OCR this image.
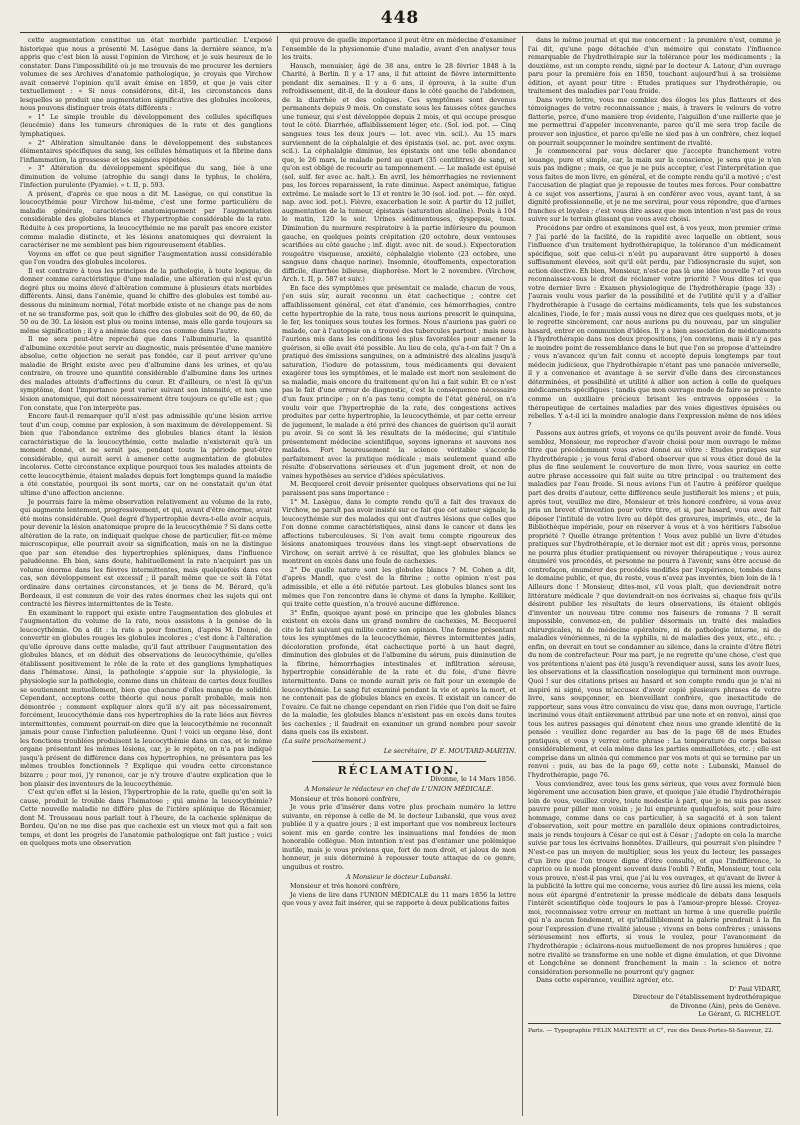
448

cette augmentation constitue un état morbide particulier. L'exposé historique que nous a présenté M. Lasègue dans la dernière séance, m'a appris que c'est bien là aussi l'opinion de Virchow, et je suis heureux de le constater. Dans l'impossibilité où je me trouvais de me procurer les derniers volumes de ses Archives d'anatomie pathologique, je croyais que Virchow avait conservé l'opinion qu'il avait émise en 1859, et que je vais citer textuellement : « Si nous considérons, dit-il, les circonstances dans lesquelles se produit une augmentation significative des globules incolores, nous pouvons distinguer trois états différents :

» 1° Le simple trouble du développement des cellules spécifiques (leucémie) dans les tumeurs chroniques de la rate et des ganglions lymphatiques.

» 2° Altération simultanée dans le développement des substances élémentaires spécifiques du sang, les cellules hématiques et la fibrine dans l'inflammation, la grossesse et les saignées répétées.

» 3° Altération du développement spécifique du sang, liée à une diminution de volume (atrophie du sang) dans le typhus, le choléra, l'infection purulente (Pyamie). » t. II, p. 593.

A présent, d'après ce que nous a dit M. Lasègue, ce qui constitue la leucocythémie pour Virchow lui-même, c'est une forme particulière de maladie générale, caractérisée anatomiquement par l'augmentation considérable des globules blancs et l'hypertrophie considérable de la rate. Réduite à ces proportions, la leucocythémie ne me paraît pas encore exister comme maladie distincte, et les lésions anatomiques qui devraient la caractériser ne me semblent pas bien rigoureusement établies.

Voyons en effet ce que peut signifier l'augmentation aussi considérable que l'on voudra des globules incolores.

Il est contraire à tous les principes de la pathologie, à toute logique, de donner comme caractéristique d'une maladie, une altération qui n'est qu'un degré plus ou moins élevé d'altération commune à plusieurs états morbides différents. Ainsi, dans l'anémie, quand le chiffre des globules est tombé au-dessous du minimum normal, l'état morbide existe et ne change pas de nom et ne se transforme pas, soit que le chiffre des globules soit de 90, de 60, de 50 ou de 30. La lésion est plus ou moins intense, mais elle garde toujours sa même signification ; il y a anémie dans ces cas comme dans l'autre.

Il me sera peut-être reproché que dans l'albuminurie, la quantité d'albumine excrétée peut servir au diagnostic, mais présentée d'une manière absolue, cette objection ne serait pas fondée, car il peut arriver qu'une maladie de Bright existe avec peu d'albumine dans les urines, et qu'au contraire, on trouve une quantité considérable d'albumine dans les urines des malades atteints d'affections du cœur. Et d'ailleurs, ce n'est là qu'un symptôme, dont l'importance peut varier suivant son intensité, et non une lésion anatomique, qui doit nécessairement être toujours ce qu'elle est ; que l'on constate, que l'on interprète pas.

Encore faut-il remarquer qu'il n'est pas admissible qu'une lésion arrive tout d'un coup, comme par explosion, à son maximum de développement. Si bien que l'abondance extrême des globules blancs étant la lésion caractéristique de la leucocythémie, cette maladie n'existerait qu'à un moment donné, et ne serait pas, pendant toute la période peut-être considérable, qui aurait servi à amener cette augmentation de globules incolores. Cette circonstance explique pourquoi tous les malades atteints de cette leucocythémie, étaient malades depuis fort longtemps quand la maladie a été constatée, pourquoi ils sont morts, car on ne constatait qu'un état ultime d'une affection ancienne.

Je pourrais faire la même observation relativement au volume de la rate, qui augmente lentement, progressivement, et qui, avant d'être énorme, avait été moins considérable. Quel degré d'hypertrophie devra-t-elle avoir acquis, pour devenir la lésion anatomique propre de la leucocythémie ? Si dans cette altération de la rate, on indiquait quelque chose de particulier, fût-ce même microscopique, elle pourrait avoir sa signification, mais on ne la distingue que par son étendue des hypertrophies spléniques, dans l'influence paludéenne. Eh bien, sans doute, habituellement la rate n'acquiert pas un volume énorme dans les fièvres intermittentes, mais quelquefois dans ces cas, son développement est excessif ; il paraît même que ce soit là l'état ordinaire dans certaines circonstances, et je tiens de M. Bérard, qu'à Bordeaux, il est commun de voir des rates énormes chez les sujets qui ont contracté les fièvres intermittentes de la Teste.

En examinant le rapport qui existe entre l'augmentation des globules et l'augmentation du volume de la rate, nous assistons à la genèse de la leucocythémie. On a dit : la rate a pour fonction, d'après M. Donné, de convertir en globules rouges les globules incolores ; c'est donc à l'altération qu'elle éprouve dans cette maladie, qu'il faut attribuer l'augmentation des globules blancs, et on déduit des observations de leucocythémie, qu'elles établissent positivement le rôle de la rate et des ganglions lymphatiques dans l'hématose. Ainsi, la pathologie s'appuie sur la physiologie, la physiologie sur la pathologie, comme dans un château de cartes deux feuilles se soutiennent mutuellement, bien que chacune d'elles manque de solidité. Cependant, acceptons cette théorie qui nous paraît probable, mais non démontrée ; comment expliquer alors qu'il n'y ait pas nécessairement, forcément, leucocythémie dans ces hypertrophies de la rate liées aux fièvres intermittentes, comment pourrait-on dire que la leucocythémie ne reconnaît jamais pour cause l'infection paludéenne. Quoi ! voici un organe lésé, dont les fonctions troublées produisent la leucocythémie dans un cas, et le même organe présentant les mêmes lésions, car, je le répète, on n'a pas indiqué jusqu'à présent de différence dans ces hypertrophies, ne présentera pas les mêmes troubles fonctionnels ? Explique qui voudra cette circonstance bizarre ; pour moi, j'y renonce, car je n'y trouve d'autre explication que le bon plaisir des inventeurs de la leucocythémie.

C'est qu'en effet si la lésion, l'hypertrophie de la rate, quelle qu'en soit la cause, produit le trouble dans l'hématose ; qui amène la leucocythémie? Cette nouvelle maladie ne différe plus de l'ictère splénique de Récamier, dont M. Trousseau nous parlait tout à l'heure, de la cachexie splénique de Bordeu. Qu'on ne me dise pas que cachexie est un vieux mot qui a fait son temps, et dont les progrès de l'anatomie pathologique ont fait justice ; voici en quelques mots une observation

qui prouve de quelle importance il peut être en médecine d'examiner l'ensemble de la physionomie d'une maladie, avant d'en analyser tous les traits.

Hausch, menuisier, âgé de 38 ans, entre le 28 février 1848 à la Charité, à Berlin. Il y a 17 ans, il fut atteint de fièvre intermittente pendant dix semaines. Il y a 6 ans, il éprouva, à la suite d'un refroidissement, dit-il, de la douleur dans le côté gauche de l'abdomen, de la diarrhée et des coliques. Ces symptômes sont devenus permanents depuis 9 mois. On constate sous les fausses côtes gauches une tumeur, qui s'est développée depuis 2 mois, et qui occupe presque tout le côté. Diarrhée, affaiblissement léger, etc. (Sol. iod. pot. — Cinq sangsues tous les deux jours — lot. avec vin. scil.). Au 15 mars surviennent de la céphalalgie et des épistaxis (sol. ac. pot. avec oxym. scil.). La céphalalgie diminue, les épistaxis ont une telle abondance que, le 26 mars, le malade perd au quart (35 centilitres) de sang, et qu'on est obligé de recourir au tamponnement. — Le malade est épuisé (sol. sulf. fer avec ac. halt.). En avril, les hémorrhagies ne reviennent pas, les forces reparaissent, la rate diminue. Aspect anémique, fatigue extrême. Le malade sort le 13 et rentre le 30 (sol. iod. pot. — fér. oxyd. nap. avec iod. pot.). Fièvre, exacerbation le soir. A partir du 12 juillet, augmentation de la tumeur, épistaxis (saturation alcaline). Pouls à 104 le matin, 120 le soir. Urines sédimenteuses, dyspepsie, toux. Diminution du murmure respiratoire à la partie inférieure du poumon gauche, en quelques points crépitation (20 octobre, deux ventouses scarifiées au côté gauche ; inf. digit. avec nit. de soud.). Expectoration rougeâtre visqueuse, anxiété, céphalalgie violente (23 octobre, une sangsue dans chaque narine). Insomnie, étouffements, expectoration difficile, diarrhée bilieuse, diaphorèse. Mort le 2 novembre. (Virchow, Arch. t. II, p. 587 et suiv.)

En face des symptômes que présentait ce malade, chacun de vous, j'en suis sûr, aurait reconnu un état cachectique ; contre cet affaiblissement général, cet état d'anémie, ces hémorrhagies, contre cette hypertrophie de la rate, tous nous aurions prescrit le quinquina, le fer, les toniques sous toutes les formes. Nous n'aurions pas guéri ce malade, car à l'autopsie on a trouvé des tubercules partout ; mais nous l'aurions mis dans les conditions les plus favorables pour amener la guérison, si elle avait été possible. Au lieu de cela, qu'a-t-on fait ? On a pratiqué des émissions sanguines, on a administré des alcalins jusqu'à saturation, l'iodure de potassium, tous médicaments qui devaient exagérer tous les symptômes, et le malade est mort non seulement de sa maladie, mais encore du traitement qu'on lui a fait subir. Et ce n'est pas le fait d'une erreur de diagnostic, c'est la conséquence nécessaire d'un faux principe ; on n'a pas tenu compte de l'état général, on n'a voulu voir que l'hypertrophie de la rate, des congestions actives produites par cette hypertrophie, la leucocythémie, et par cette erreur de jugement, le malade a été privé des chances de guérison qu'il aurait pu avoir. Si ce sont là les résultats de la médecine, qui s'intitule présentement médecine scientifique, soyons ignorans et sauvons nos malades. Fort heureusement la science véritable s'accorde parfaitement avec la pratique médicale ; mais seulement quand elle résulte d'observations sérieuses et d'un jugement droit, et non de vaines hypothèses au service d'idées spéculatives.

M. Becquerel croit devoir présenter quelques observations qui ne lui paraissent pas sans importance :

1° M. Lasègue, dans le compte rendu qu'il a fait des travaux de Virchow, ne paraît pas avoir insisté sur ce fait que cet auteur signale, la leucocythémie sur des malades qui ont d'autres lésions que celles que l'on donne comme caractéristiques, ainsi dans le cancer et dans les affections tuberculeuses. Si l'on avait tenu compte rigoureux des lésions anatomiques trouvées dans les vingt-sept observations de Virchow, on serait arrivé à ce résultat, que les globules blancs se montrent en excès dans une foule de cachexies.

2° De quelle nature sont les globules blancs ? M. Cohen a dit, d'après Mandl, que c'est de la fibrine ; cette opinion n'est pas admissible, et elle a été réfutée partout. Les globules blancs sont les mêmes que l'on rencontre dans le chyme et dans la lymphe. Kolliker, qui traite cette question, n'a trouvé aucune différence.

3° Enfin, quoique ayant posé en principe que les globules blancs existent en excès dans un grand nombre de cachexies, M. Becquerel cite le fait suivant qui milite contre son opinion. Une femme présentant tous les symptômes de la leucocythémie, fièvres intermittentes jadis, décoloration profonde, état cachectique porté à un haut degré, diminution des globules et de l'albumine du sérum, puis diminution de la fibrine, hémorrhagies intestinales et infiltration séreuse, hypertrophie considérable de la rate et du foie, d'une fièvre intermittente. Dans ce monde aurait pris ce fait pour un exemple de leucocythémie. Le sang fut examiné pendant la vie et après la mort, et ne contenait pas de globules blancs en excès. Il existait un cancer de l'ovaire. Ce fait ne change cependant en rien l'idée que l'on doit se faire de la maladie, les globules blancs n'existent pas en excès dans toutes les cachexies ; il faudrait en examiner un grand nombre pour savoir dans quels cas ils existent.

(La suite prochainement.)

Le secrétaire, D' E. MOUTARD-MARTIN.

RÉCLAMATION.

Divonne, le 14 Mars 1856.

A Monsieur le rédacteur en chef de L'UNION MÉDICALE.

Monsieur et très honoré confrère,

Je vous prie d'insérer dans votre plus prochain numéro la lettre suivante, en réponse à celle de M. le docteur Lubanski, que vous avez publiée il y a quatre jours ; il est important que vos nombreux lecteurs soient mis en garde contre les insinuations mal fondées de mon honorable collègue. Mon intention n'est pas d'entamer une polémique inutile, mais je vous préviens que, fort de mon droit, et jaloux de mon honneur, je suis déterminé à repousser toute attaque de ce genre, unguibus et rostro.

A Monsieur le docteur Lubanski.

Monsieur et très honoré confrère,

Je viens de lire dans l'UNION MÉDICALE du 11 mars 1856 la lettre que vous y avez fait insérer, qui se rapporte à deux publications faites

dans le même journal et qui me concernent : la première n'est, comme je l'ai dit, qu'une page détachée d'un mémoire qui constate l'influence remarquable de l'hydrothérapie sur la tolérance pour les médicaments ; la deuxième, est un compte rendu, signé par le docteur A. Latour, d'un ouvrage paru pour la première fois en 1850, touchant aujourd'hui à sa troisième édition, et ayant pour titre : Etudes pratiques sur l'hydrothérapie, ou traitement des maladies par l'eau froide.

Dans votre lettre, vous me comblez des éloges les plus flatteurs et des témoignages de votre reconnaissance ; mais, à travers le velours de votre flatterie, perce, d'une manière trop évidente, l'aiguillon d'une raillerie que je me permettrai d'appeler inconvenante, parce qu'il me sera trop facile de prouver son injustice, et parce qu'elle ne sied pas à un confrère, chez lequel on pourrait soupçonner le moindre sentiment de rivalité.

Je commencerai par vous déclarer que j'accepte franchement votre louange, pure et simple, car, la main sur la conscience, je sens que je n'en suis pas indigne ; mais, ce que je ne puis accepter, c'est l'interprétation que vous faites de mon livre, en général, et de compte rendu qu'il a motivé ; c'est l'accusation de plagiat que je repousse de toutes mes forces. Pour combattre à ce sujet vos assertions, j'aurai à en conférer avec vous, ayant tant, à sa dignité professionnelle, et je ne me servirai, pour vous répondre, que d'armes franches et loyales ; c'est vous dire assez que mon intention n'est pas de vous suivre sur le terrain glissant que vous avez choisi.

Procédons par ordre et examinons quel est, à vos yeux, mon premier crime ? J'ai parlé de la facilité, de la rapidité avec laquelle on obtient, sous l'influence d'un traitement hydrothérapique, la tolérance d'un médicament spécifique, soit que celui-ci n'eût pu auparavant être supporté à doses suffisamment élevées, soit qu'il eût perdu, par l'idiosyncrasie du sujet, son action élective. Eh bien, Monsieur, n'est-ce pas là une idée nouvelle ? et vous reconnaissez-vous le droit de réclamer votre priorité ? Vous dites ici que votre dernier livre : Examen physiologique de l'hydrothérapie (page 33) : J'aurais voulu vous parler de la possibilité et de l'utilité qu'il y a d'allier l'hydrothérapie à l'usage de certains médicaments, tels que les substances alcalines, l'iode, le fer ; mais aussi vous ne direz que ces quelques mots, et je le regrette sincèrement, car nous aurions pu du nouveau, par un singulier hasard, entrer en communion d'idées. Il y a bien association de médicaments à l'hydrothérapie dans nos deux propositions, j'en conviens, mais il n'y a pas le moindre point de ressemblance dans le but que l'on se propose d'atteindre ; vous n'avancez qu'un fait connu et accepté depuis longtemps par tout médecin judicieux, que l'hydrothérapie n'étant pas une panacée universelle, il y a convenance et avantage à se servir d'elle dans des circonstances déterminées, et possibilité et utilité à allier son action à celle de quelques médicaments spécifiques ; tandis que mon ouvrage mode de faire se présente comme un auxiliaire précieux brisant les entraves opposées : la thérapeutique de certaines maladies par des voies digestives épuisées ou rebelles. Y a-t-il ici la moindre analogie dans l'expression même de nos idées ?

Passons aux autres griefs, et voyons ce qu'ils peuvent avoir de fondé. Vous semblez, Monsieur, me reprocher d'avoir choisi pour mon ouvrage le même titre que précédemment vous aviez donné au vôtre : Etudes pratiques sur l'hydrothérapie ; je vous ferai d'abord observer que si vous étiez doué de la plus de fine seulement le couverture de mon livre, vous sauriez en cette autre phrase accessoire qui fait suite au titre principal : ou traitement des maladies par l'eau froide. Si nous avions l'un et l'autre à préférer quelque part des droits d'auteur, cette différence seule justifierait les miens ; et puis, après tout, veuillez me dire, Monsieur et très honoré confrère, si vous avez pris un brevet d'invention pour votre titre, et si, par hasard, vous avez fait déposer l'intitulé de votre livre au dépôt des gravures, imprimés, etc., de la Bibliothèque impériale, pour en réserver à vous et à vos héritiers l'absolue propriété ? Quelle étrange prétention ! Vous avez publié un livre d'études pratiques sur l'hydrothérapie, et le dernier mot est dit ; après vous, personne ne pourra plus étudier pratiquement ou revoyer thérapeutique ; vous aurez énuméré vos procédés, et personne ne pourra à l'avenir, sans être accusé de contrefaçon, énumérer des procédés modifiés par l'expérience, tombés dans le domaine public, et que, du reste, vous n'avez pas inventés, bien loin de là ! Ailleurs donc ! Monsieur, dites-moi, s'il vous plaît, que deviendrait notre littérature médicale ? que deviendrait-on nos écrivains si, chaque fois qu'ils désirent publier les résultats de leurs observations, ils étaient obligés d'inventer un nouveau titre comme nos faiseurs de romans ? Il serait impossible, convenez-en, de publier désormais un traité des maladies chirurgicales, ni de médecine opératoire, ni de pathologie interne, ni de maladies vénériennes, ni de la syphilis, ni de maladies des yeux, etc., etc. ; enfin, on devrait en tout se condamner au silence, dans la crainte d'être flétri du nom de contrefacteur. Pour ma part, je ne regrette qu'une chose, c'est que vos prétentions n'aient pas été jusqu'à revendiquer aussi, sans les avoir lues, les observations et la classification nosologique qui terminent mon ouvrage. Quoi ! sur des citations prises au hasard et son compte rendu que je n'ai ni inspiré ni signé, vous m'accusez d'avoir copié plusieurs phrases de votre livre, sans soupçonner, en bienveillant confrère, que inexactitude de rapporteur, sans vous être convaincu de visu que, dans mon ouvrage, l'article incriminé vous était entièrement attribué par une note et en renvoi, ainsi que tous les autres passages qui dénotent chez nous une grande identité de la pensée : veuillez donc regarder au bas de la page 68 de mes Etudes pratiques, et vous y verrez cette phrase : La température du corps baisse considérablement, et cela même dans les parties emmaillotées, etc. ; elle est comprise dans un alinéa qui commence par vos mots et qui se termine par un renvoi : puis, au bas de la page 69, cette note : Lubanski, Manuel de l'hydrothérapie, page 76.

Vous conviendrez, avec tous les gens sérieux, que vous avez formulé bien légèrement une accusation bien grave, et quoique j'aie étudié l'hydrothérapie loin de vous, veuillez croire, toute modestie à part, que je ne suis pas assez pauvre pour piller mon voisin ; je lui emprunte quelquefois, soit pour faire hommage, comme dans ce cas particulier, à sa sagacité et à son talent d'observation, soit pour mettre en parallèle deux opinions contradictoires, mais je rends toujours à César ce qui est à César ; j'adopte en cela la marche suivie par tous les écrivains honnêtes. D'ailleurs, qui pourrait s'en plaindre ? N'est-ce pas un moyen de multiplier, sous les yeux du lecteur, les passages d'un livre que l'on trouve digne d'être consulté, et que l'indifférence, le caprice ou le mode plongent souvent dans l'oubli ? Enfin, Monsieur, tout cela vous prouve, n'est-il pas vrai, que j'ai lu vos ouvrages, et qu'avant de livrer à la publicité la lettre qui me concerne, vous auriez dû lire aussi les miens, cela nous eût épargné d'entretenir la presse médicale de débats dans lesquels l'intérêt scientifique cède toujours le pas à l'amour-propre blessé. Croyez-moi, reconnaissez votre erreur en mettant un terme à une querelle puérile qui n'a aucun fondement, et qu'infailliblement la galerie prendrait à la fin pour l'expression d'une rivalité jalouse ; vivons en bons confrères ; unissons sérieusement nos efforts, si vous le voulez, pour l'avancement de l'hydrothérapie ; éclairons-nous mutuellement de nos propres lumières ; que notre rivalité se transforme en une noble et digne émulation, et que Divonne et Longchêne se donnent franchement la main : la science et notre considération personnelle ne pourront qu'y gagner.

Dans cette espérance, veuillez agréer, etc.

D' Paul VIDART,

Directeur de l'établissement hydrothérapique

de Divonne (Ain), près de Genève.

Le Gérant, G. RICHELOT.

Paris. — Typographie FÉLIX MALTESTE et C°, rue des Deux-Portes-St-Sauveur, 22.
